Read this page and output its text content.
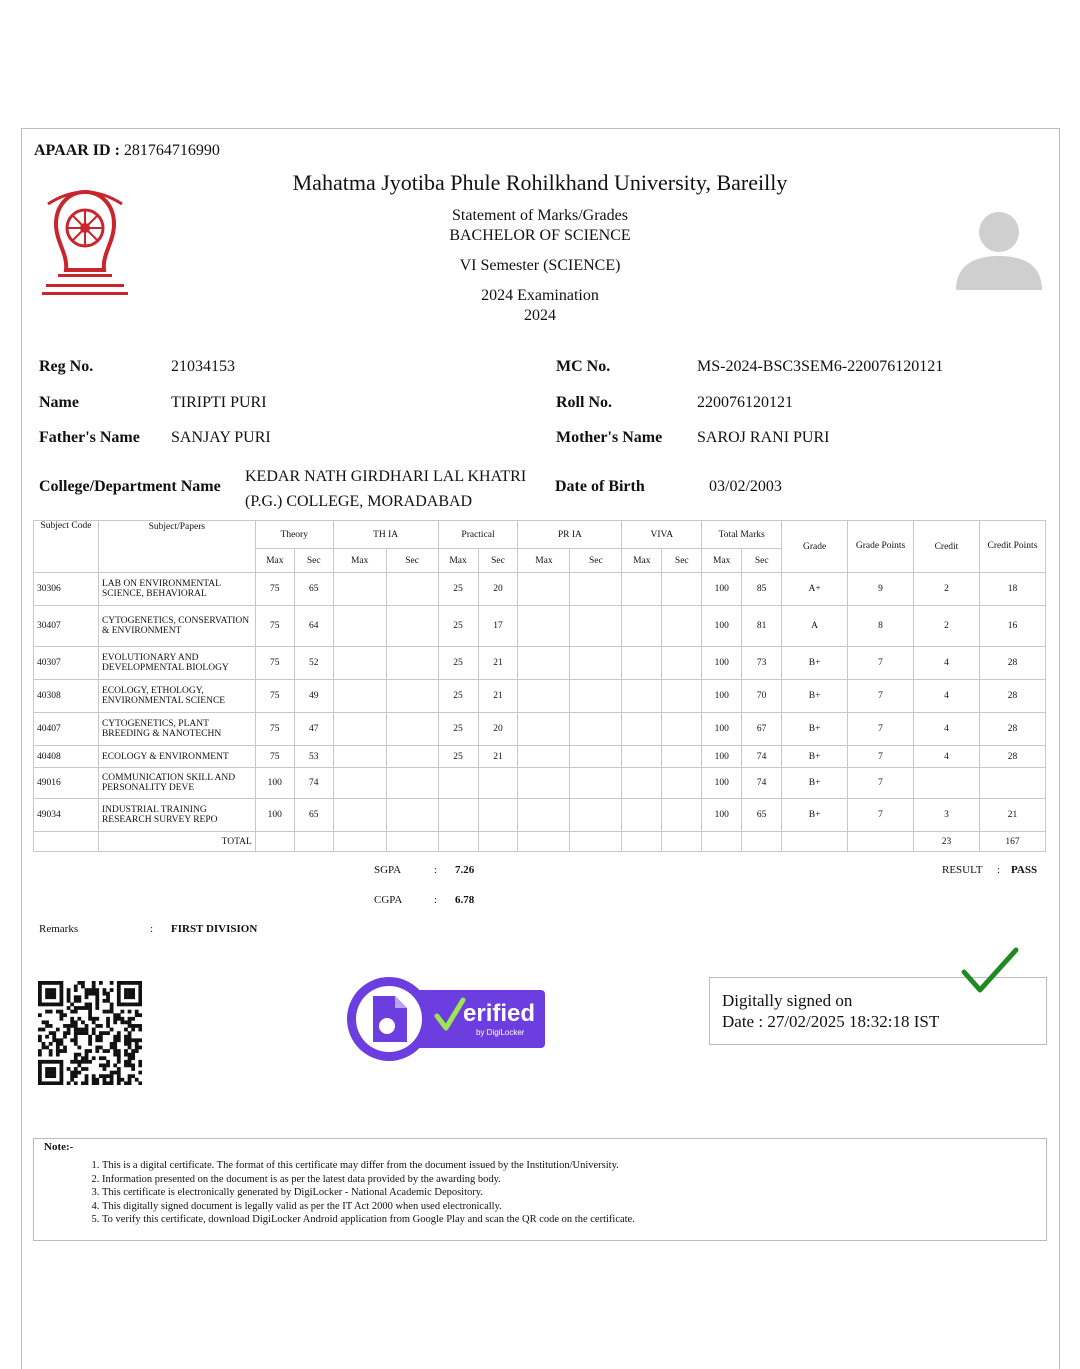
APAAR ID : 281764716990
Mahatma Jyotiba Phule Rohilkhand University, Bareilly
Statement of Marks/Grades
BACHELOR OF SCIENCE
VI Semester (SCIENCE)
2024 Examination
2024
Reg No.	21034153	MC No.	MS-2024-BSC3SEM6-220076120121
Name	TIRIPTI PURI	Roll No.	220076120121
Father's Name SANJAY PURI	Mother's Name SAROJ RANI PURI
College/Department Name
KEDAR NATH GIRDHARI LAL KHATRI
(P.G.) COLLEGE, MORADABAD
Date of Birth	03/02/2003
Subject Code	Subject/Papers	Theory		TH IA		Practical		PR IA		VIVA		Total Marks		Grade	Grade Points	Credit	Credit Points
		Max	Sec	Max	Sec	Max	Sec	Max	Sec	Max	Sec	Max	Sec				
30306	LAB ON ENVIRONMENTAL SCIENCE, BEHAVIORAL	75	65			25	20					100	85	A+	9	2	18
30407	CYTOGENETICS, CONSERVATION & ENVIRONMENT	75	64			25	17					100	81	A	8	2	16
40307	EVOLUTIONARY AND DEVELOPMENTAL BIOLOGY	75	52			25	21					100	73	B+	7	4	28
40308	ECOLOGY, ETHOLOGY, ENVIRONMENTAL SCIENCE	75	49			25	21					100	70	B+	7	4	28
40407	CYTOGENETICS, PLANT BREEDING & NANOTECHN	75	47			25	20					100	67	B+	7	4	28
40408	ECOLOGY & ENVIRONMENT	75	53			25	21					100	74	B+	7	4	28
49016	COMMUNICATION SKILL AND PERSONALITY DEVE	100	74									100	74	B+	7		
49034	INDUSTRIAL TRAINING RESEARCH SURVEY REPO	100	65									100	65	B+	7	3	21
	TOTAL															23	167
SGPA	: 7.26
CGPA	: 6.78
RESULT : PASS
Remarks	: FIRST DIVISION
erified
by DigiLocker
Digitally signed on
Date : 27/02/2025 18:32:18 IST
Note:-
1. This is a digital certificate. The format of this certificate may differ from the document issued by the Institution/University.
2. Information presented on the document is as per the latest data provided by the awarding body.
3. This certificate is electronically generated by DigiLocker - National Academic Depository.
4. This digitally signed document is legally valid as per the IT Act 2000 when used electronically.
5. To verify this certificate, download DigiLocker Android application from Google Play and scan the QR code on the certificate.
